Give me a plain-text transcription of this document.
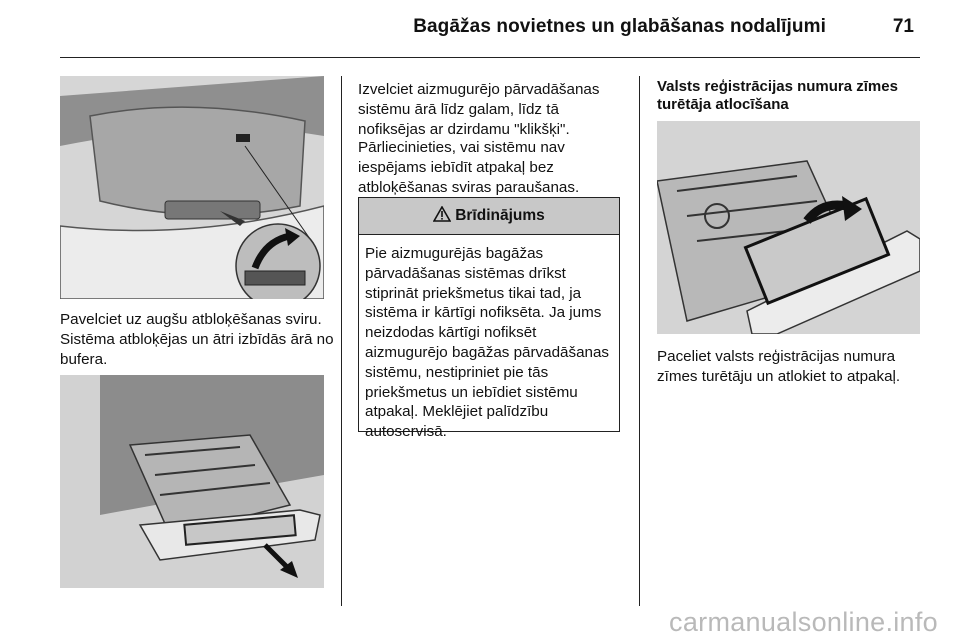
Bagāžas novietnes un glabāšanas nodalījumi	71

Pavelciet uz augšu atbloķēšanas sviru. Sistēma atbloķējas un ātri izbīdās ārā no bufera.

Izvelciet aizmugurējo pārvadāšanas sistēmu ārā līdz galam, līdz tā nofiksējas ar dzirdamu "klikšķi".

Pārliecinieties, vai sistēmu nav iespējams iebīdīt atpakaļ bez atbloķēšanas sviras paraušanas.

Brīdinājums

Pie aizmugurējās bagāžas pārvadāšanas sistēmas drīkst stiprināt priekšmetus tikai tad, ja sistēma ir kārtīgi nofiksēta. Ja jums neizdodas kārtīgi nofiksēt aizmugurējo bagāžas pārvadāšanas sistēmu, nestipriniet pie tās priekšmetus un iebīdiet sistēmu atpakaļ. Meklējiet palīdzību autoservisā.

Valsts reģistrācijas numura zīmes turētāja atlocīšana

Paceliet valsts reģistrācijas numura zīmes turētāju un atlokiet to atpakaļ.

carmanualsonline.info
